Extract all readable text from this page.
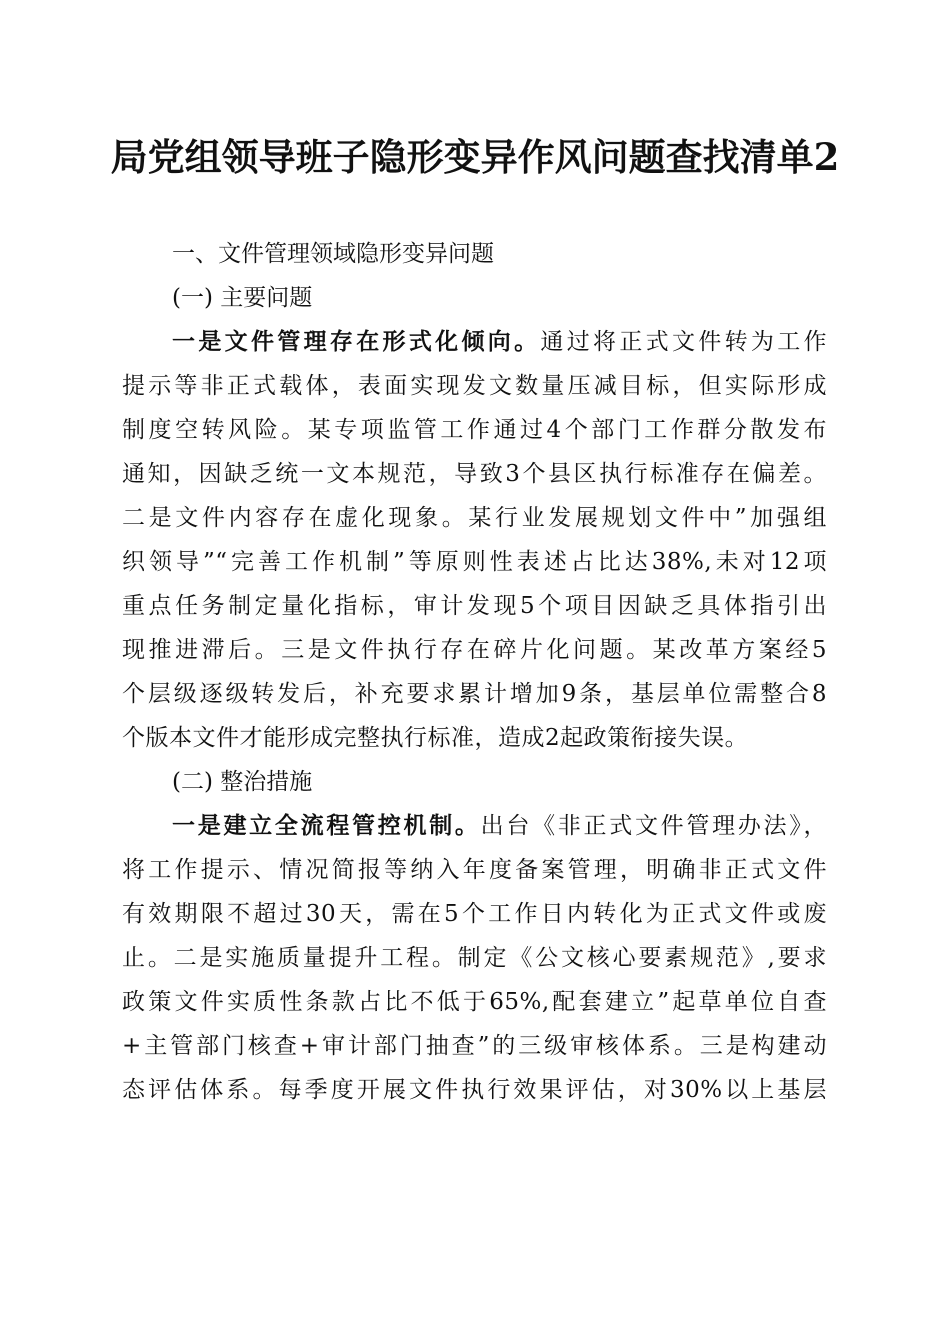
局党组领导班子隐形变异作风问题查找清单2
一、文件管理领域隐形变异问题
(一) 主要问题
一是文件管理存在形式化倾向。通过将正式文件转为工作
提示等非正式载体，表面实现发文数量压减目标，但实际形成
制度空转风险。某专项监管工作通过4个部门工作群分散发布
通知，因缺乏统一文本规范，导致3个县区执行标准存在偏差。
二是文件内容存在虚化现象。某行业发展规划文件中”加强组
织领导”“完善工作机制”等原则性表述占比达38%,未对12项
重点任务制定量化指标，审计发现5个项目因缺乏具体指引出
现推进滞后。三是文件执行存在碎片化问题。某改革方案经5
个层级逐级转发后，补充要求累计增加9条，基层单位需整合8
个版本文件才能形成完整执行标准，造成2起政策衔接失误。
(二) 整治措施
一是建立全流程管控机制。出台《非正式文件管理办法》，
将工作提示、情况简报等纳入年度备案管理，明确非正式文件
有效期限不超过30天，需在5个工作日内转化为正式文件或废
止。二是实施质量提升工程。制定《公文核心要素规范》,要求
政策文件实质性条款占比不低于65%,配套建立”起草单位自查
+主管部门核查+审计部门抽查”的三级审核体系。三是构建动
态评估体系。每季度开展文件执行效果评估，对30%以上基层
